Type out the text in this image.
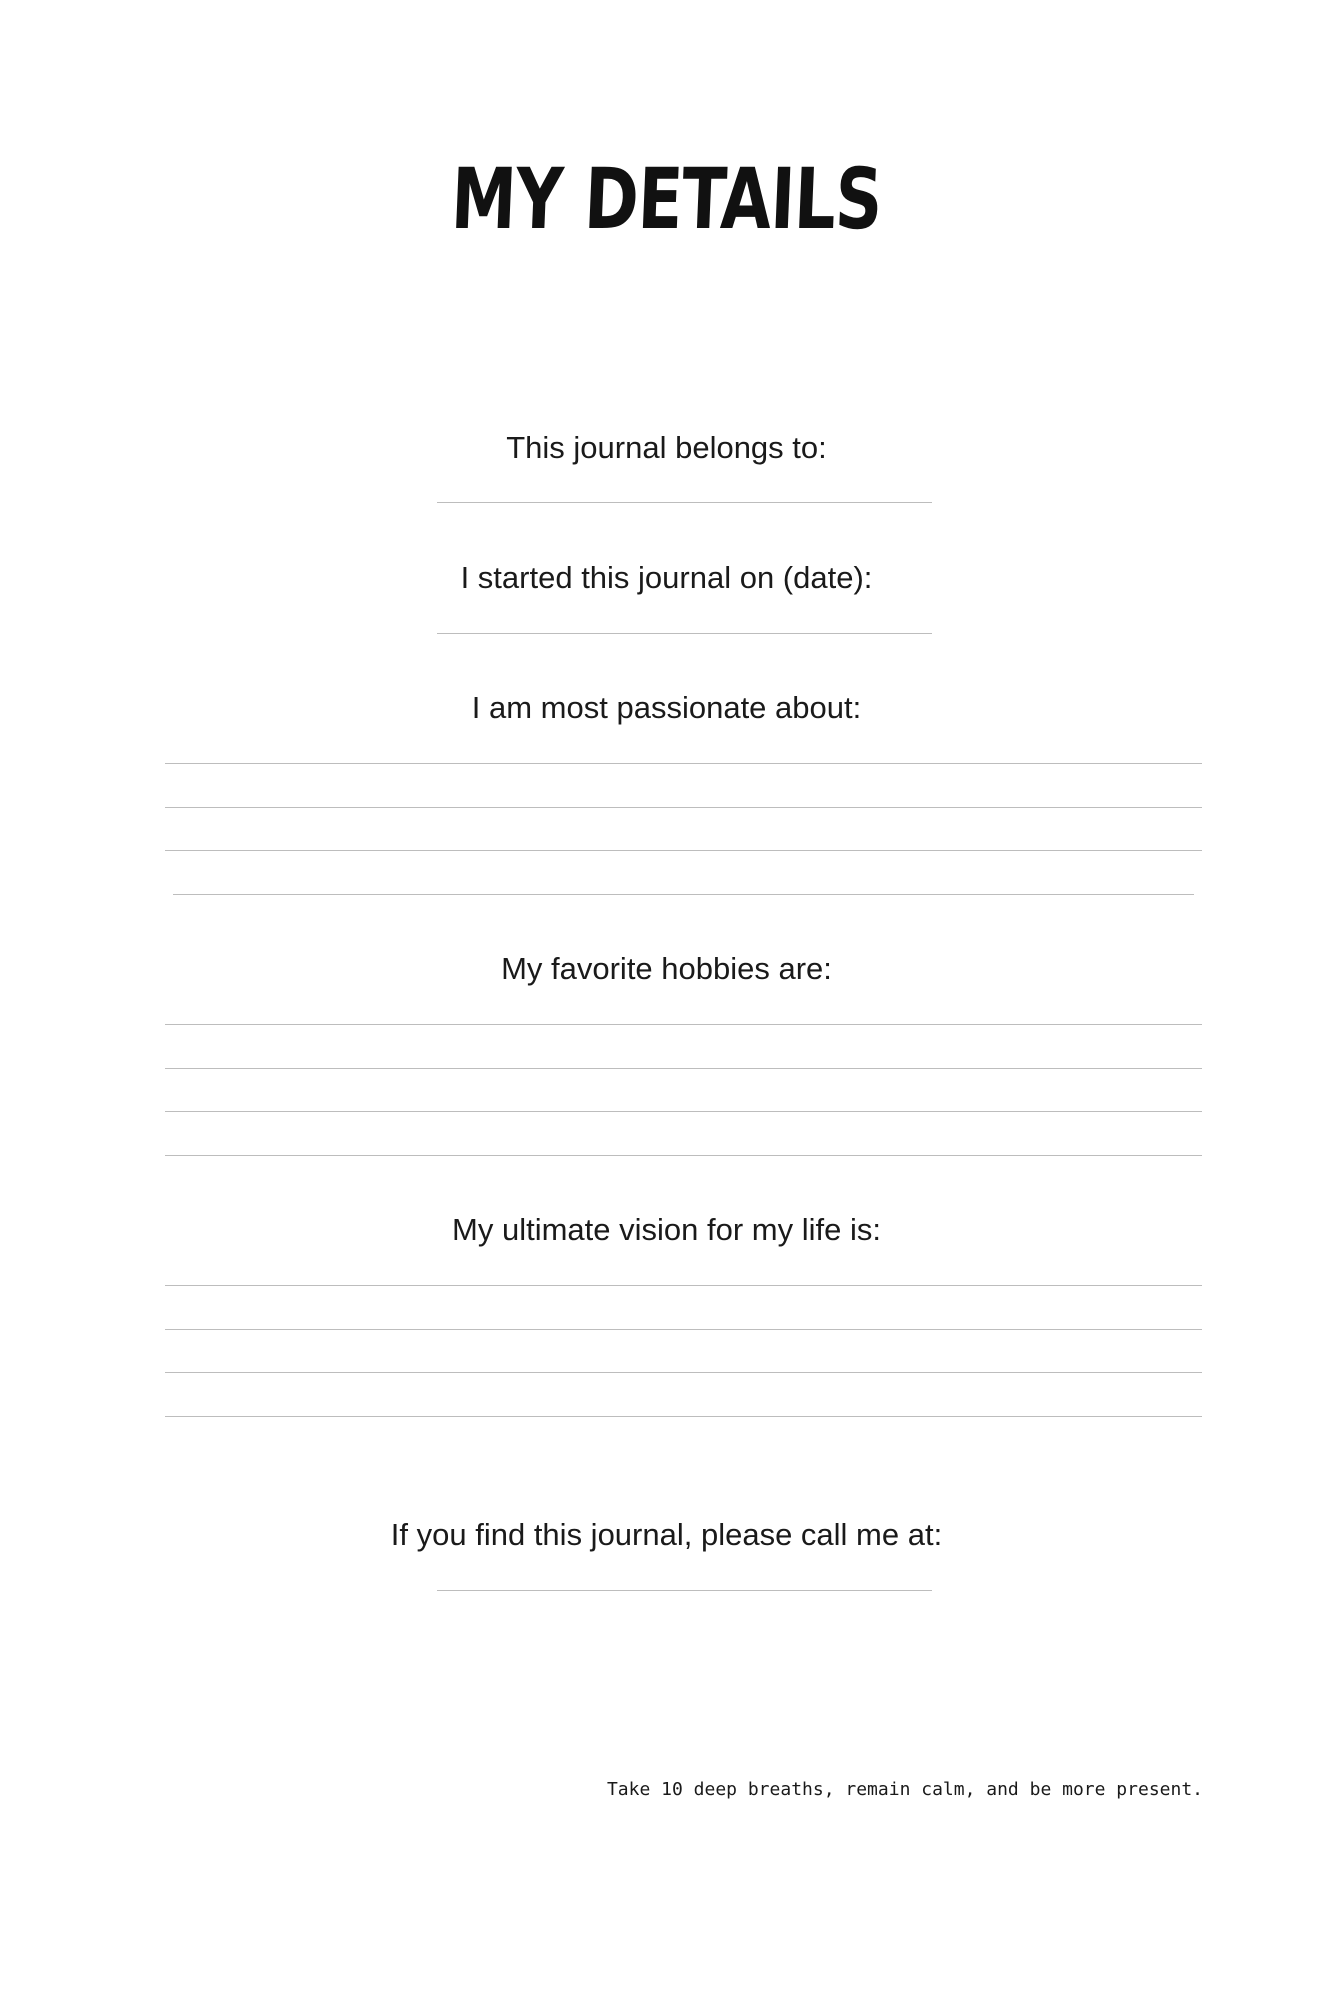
MY DETAILS
This journal belongs to:
I started this journal on (date):
I am most passionate about:
My favorite hobbies are:
My ultimate vision for my life is:
If you find this journal, please call me at:
Take 10 deep breaths, remain calm, and be more present.
